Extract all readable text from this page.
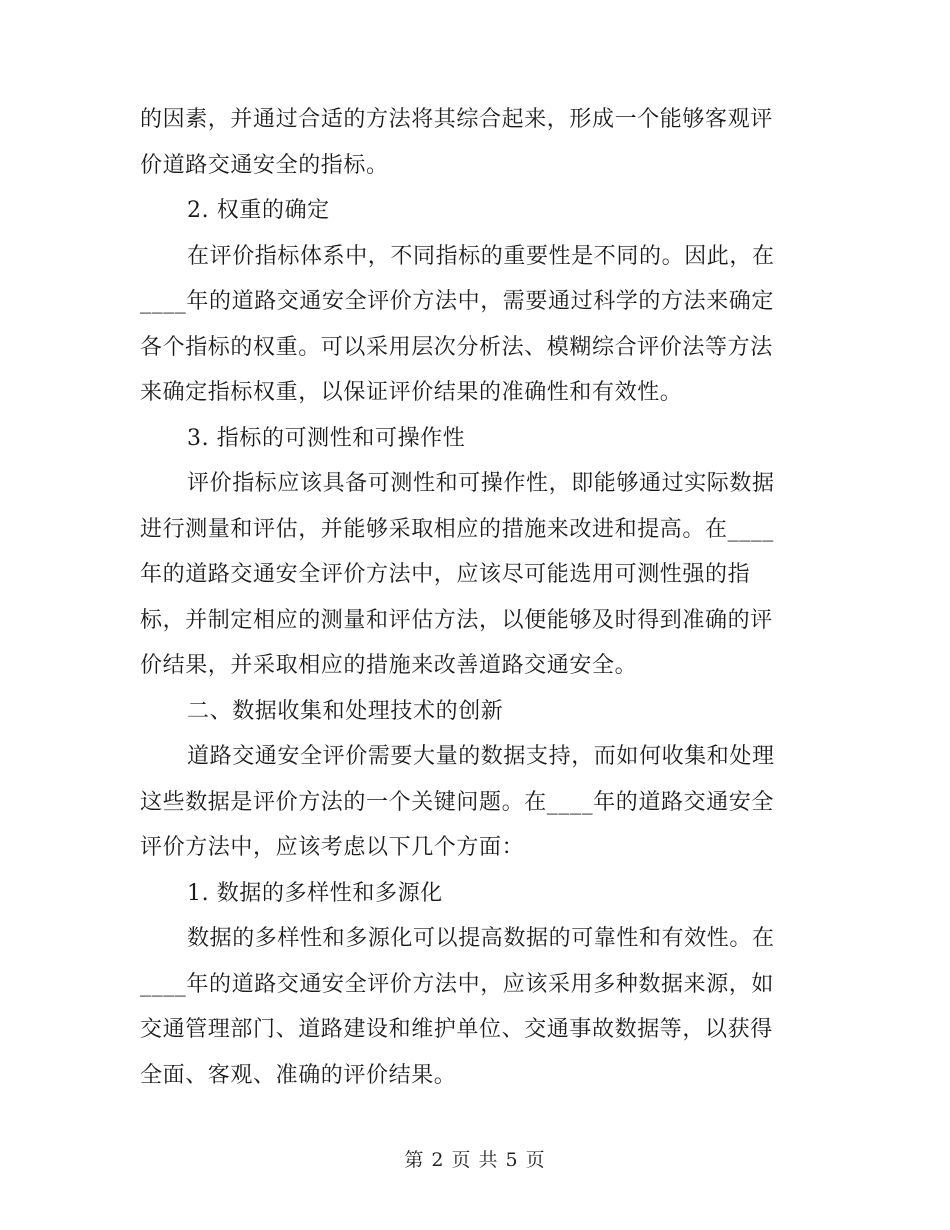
的因素，并通过合适的方法将其综合起来，形成一个能够客观评
价道路交通安全的指标。
2. 权重的确定
在评价指标体系中，不同指标的重要性是不同的。因此，在
____年的道路交通安全评价方法中，需要通过科学的方法来确定
各个指标的权重。可以采用层次分析法、模糊综合评价法等方法
来确定指标权重，以保证评价结果的准确性和有效性。
3. 指标的可测性和可操作性
评价指标应该具备可测性和可操作性，即能够通过实际数据
进行测量和评估，并能够采取相应的措施来改进和提高。在____
年的道路交通安全评价方法中，应该尽可能选用可测性强的指
标，并制定相应的测量和评估方法，以便能够及时得到准确的评
价结果，并采取相应的措施来改善道路交通安全。
二、数据收集和处理技术的创新
道路交通安全评价需要大量的数据支持，而如何收集和处理
这些数据是评价方法的一个关键问题。在____年的道路交通安全
评价方法中，应该考虑以下几个方面：
1. 数据的多样性和多源化
数据的多样性和多源化可以提高数据的可靠性和有效性。在
____年的道路交通安全评价方法中，应该采用多种数据来源，如
交通管理部门、道路建设和维护单位、交通事故数据等，以获得
全面、客观、准确的评价结果。
第 2 页 共 5 页
